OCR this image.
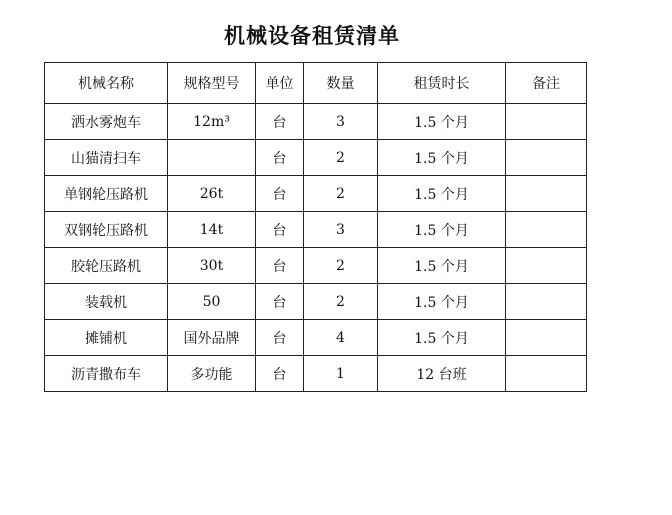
机械设备租赁清单
机械名称	规格型号	单位	数量	租赁时长	备注
洒水雾炮车	12m³	台	3	1.5 个月	
山猫清扫车		台	2	1.5 个月	
单钢轮压路机	26t	台	2	1.5 个月	
双钢轮压路机	14t	台	3	1.5 个月	
胶轮压路机	30t	台	2	1.5 个月	
装载机	50	台	2	1.5 个月	
摊铺机	国外品牌	台	4	1.5 个月	
沥青撒布车	多功能	台	1	12 台班	
